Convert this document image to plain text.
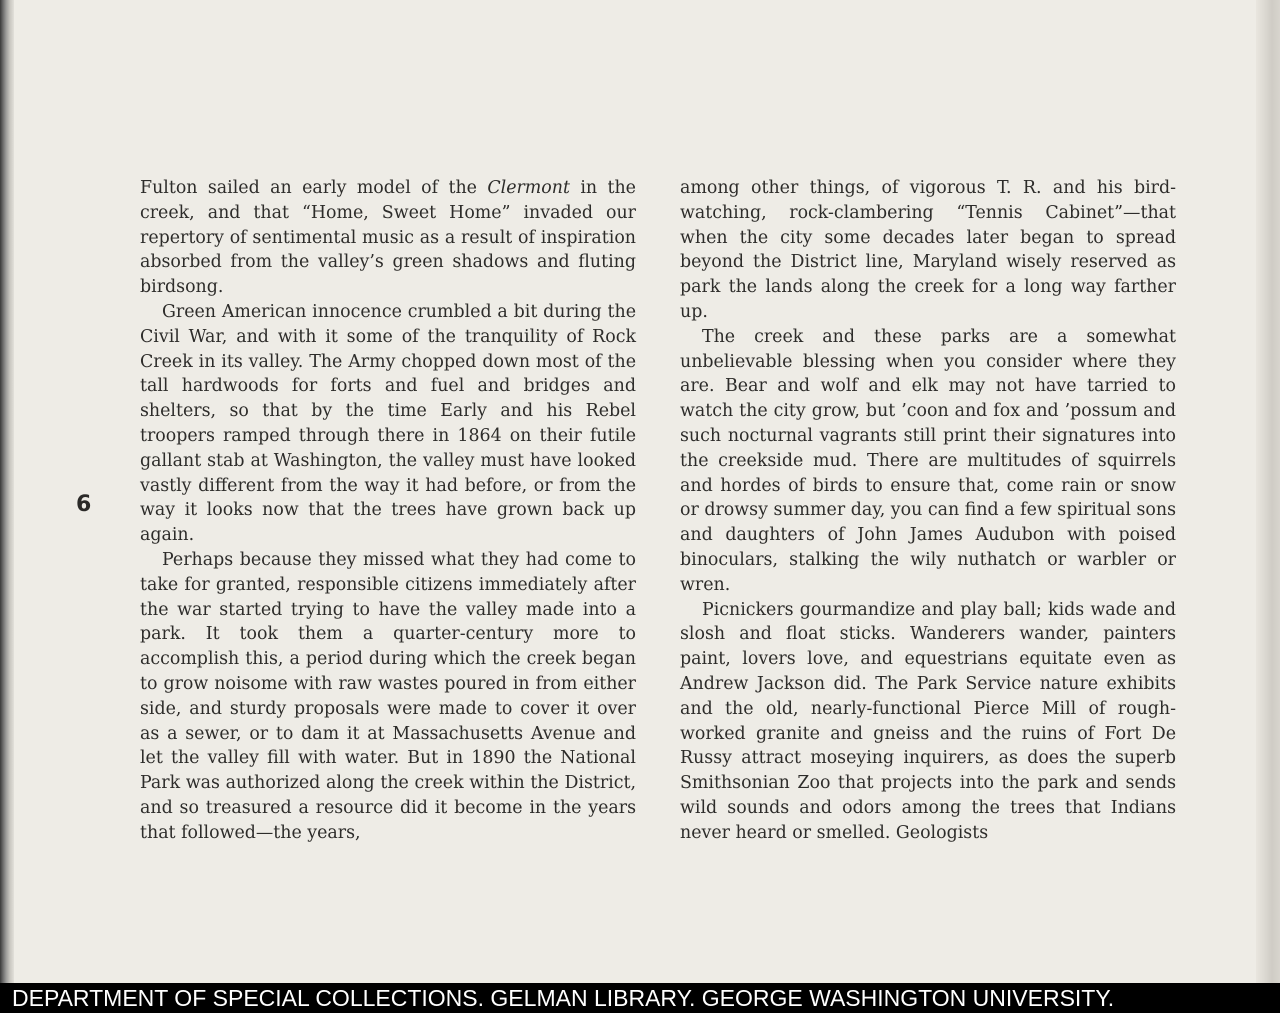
6

Fulton sailed an early model of the Clermont in the creek, and that “Home, Sweet Home” invaded our repertory of sentimental music as a result of inspiration absorbed from the valley’s green shadows and fluting birdsong.

Green American innocence crumbled a bit during the Civil War, and with it some of the tranquility of Rock Creek in its valley. The Army chopped down most of the tall hardwoods for forts and fuel and bridges and shelters, so that by the time Early and his Rebel troopers ramped through there in 1864 on their futile gallant stab at Washington, the valley must have looked vastly different from the way it had before, or from the way it looks now that the trees have grown back up again.

Perhaps because they missed what they had come to take for granted, responsible citizens immediately after the war started trying to have the valley made into a park. It took them a quarter-century more to accomplish this, a period during which the creek began to grow noisome with raw wastes poured in from either side, and sturdy proposals were made to cover it over as a sewer, or to dam it at Massachusetts Avenue and let the valley fill with water. But in 1890 the National Park was authorized along the creek within the District, and so treasured a resource did it become in the years that followed—the years,

among other things, of vigorous T. R. and his bird-watching, rock-clambering “Tennis Cabinet”—that when the city some decades later began to spread beyond the District line, Maryland wisely reserved as park the lands along the creek for a long way farther up.

The creek and these parks are a somewhat unbelievable blessing when you consider where they are. Bear and wolf and elk may not have tarried to watch the city grow, but ’coon and fox and ’possum and such nocturnal vagrants still print their signatures into the creekside mud. There are multitudes of squirrels and hordes of birds to ensure that, come rain or snow or drowsy summer day, you can find a few spiritual sons and daughters of John James Audubon with poised binoculars, stalking the wily nuthatch or warbler or wren.

Picnickers gourmandize and play ball; kids wade and slosh and float sticks. Wanderers wander, painters paint, lovers love, and equestrians equitate even as Andrew Jackson did. The Park Service nature exhibits and the old, nearly-functional Pierce Mill of rough-worked granite and gneiss and the ruins of Fort De Russy attract moseying inquirers, as does the superb Smithsonian Zoo that projects into the park and sends wild sounds and odors among the trees that Indians never heard or smelled. Geologists

DEPARTMENT OF SPECIAL COLLECTIONS. GELMAN LIBRARY. GEORGE WASHINGTON UNIVERSITY.
